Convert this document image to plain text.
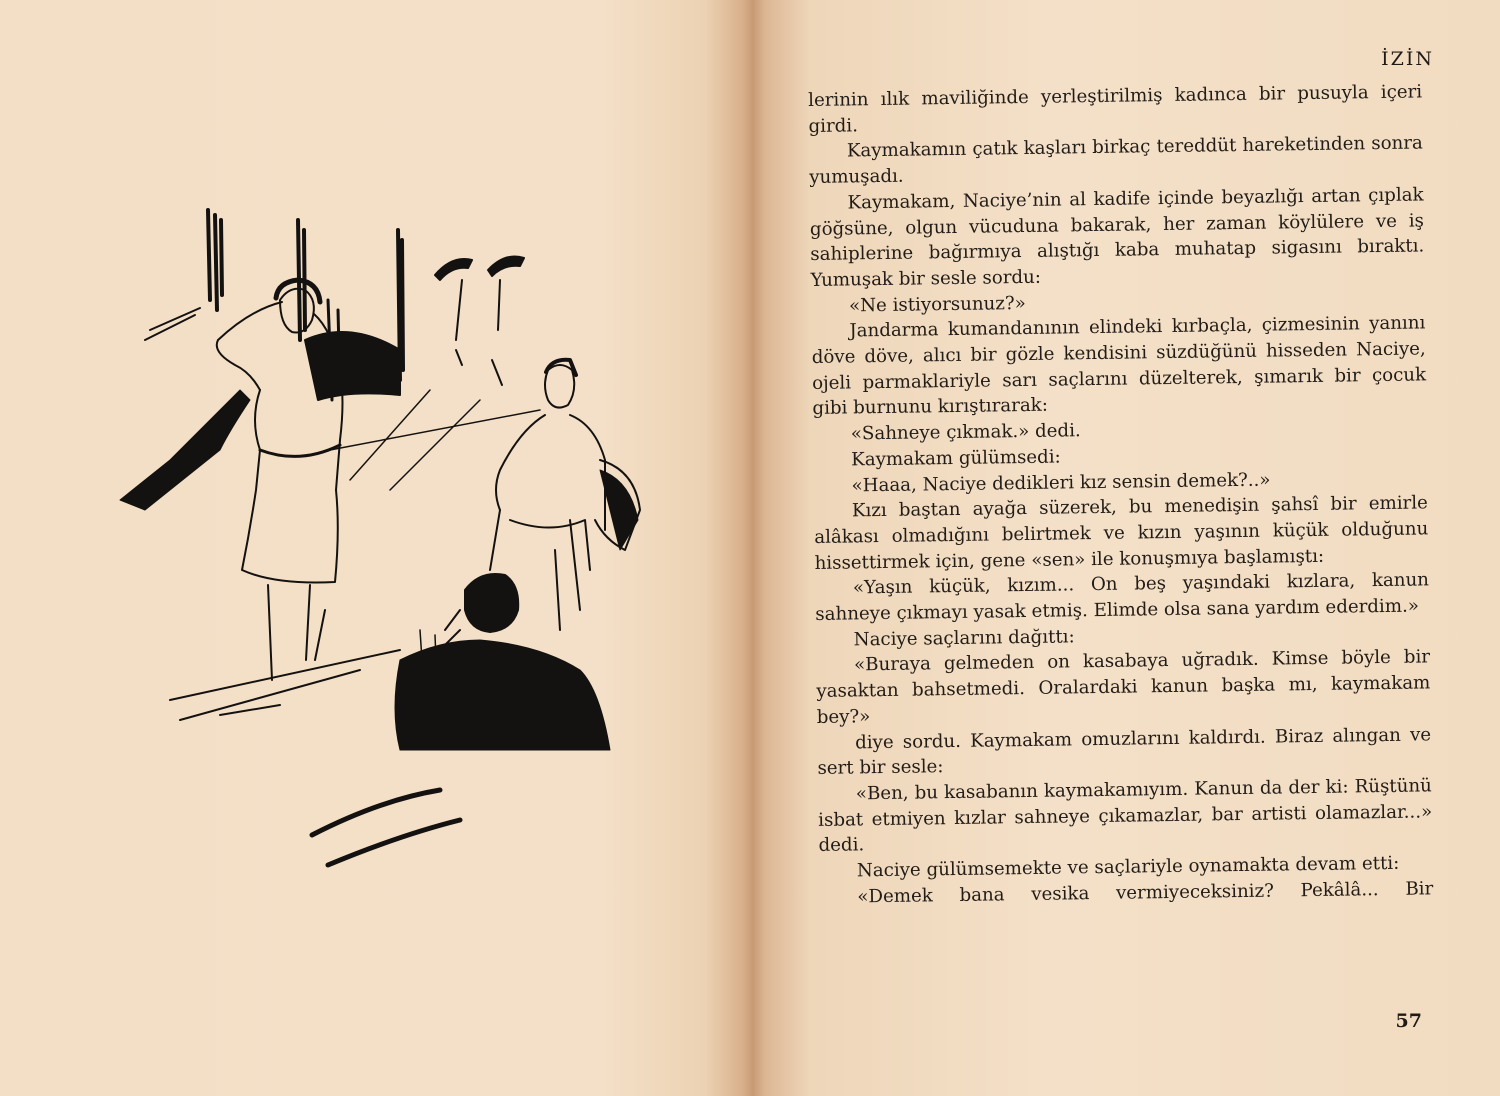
İZİN

lerinin ılık maviliğinde yerleştirilmiş kadınca bir pusuyla içeri girdi.

Kaymakamın çatık kaşları birkaç tereddüt hareketinden sonra yumuşadı.

Kaymakam, Naciye’nin al kadife içinde beyazlığı artan çıplak göğsüne, olgun vücuduna bakarak, her zaman köylülere ve iş sahiplerine bağırmıya alıştığı kaba muhatap sigasını bıraktı. Yumuşak bir sesle sordu:

«Ne istiyorsunuz?»

Jandarma kumandanının elindeki kırbaçla, çizmesinin yanını döve döve, alıcı bir gözle kendisini süzdüğünü hisseden Naciye, ojeli parmaklariyle sarı saçlarını düzelterek, şımarık bir çocuk gibi burnunu kırıştırarak:

«Sahneye çıkmak.» dedi.

Kaymakam gülümsedi:

«Haaa, Naciye dedikleri kız sensin demek?..»

Kızı baştan ayağa süzerek, bu menedişin şahsî bir emirle alâkası olmadığını belirtmek ve kızın yaşının küçük olduğunu hissettirmek için, gene «sen» ile konuşmıya başlamıştı:

«Yaşın küçük, kızım... On beş yaşındaki kızlara, kanun sahneye çıkmayı yasak etmiş. Elimde olsa sana yardım ederdim.»

Naciye saçlarını dağıttı:

«Buraya gelmeden on kasabaya uğradık. Kimse böyle bir yasaktan bahsetmedi. Oralardaki kanun başka mı, kaymakam bey?»

diye sordu. Kaymakam omuzlarını kaldırdı. Biraz alıngan ve sert bir sesle:

«Ben, bu kasabanın kaymakamıyım. Kanun da der ki: Rüştünü isbat etmiyen kızlar sahneye çıkamazlar, bar artisti olamazlar...» dedi.

Naciye gülümsemekte ve saçlariyle oynamakta devam etti:

«Demek bana vesika vermiyeceksiniz? Pekâlâ... Bir

57
